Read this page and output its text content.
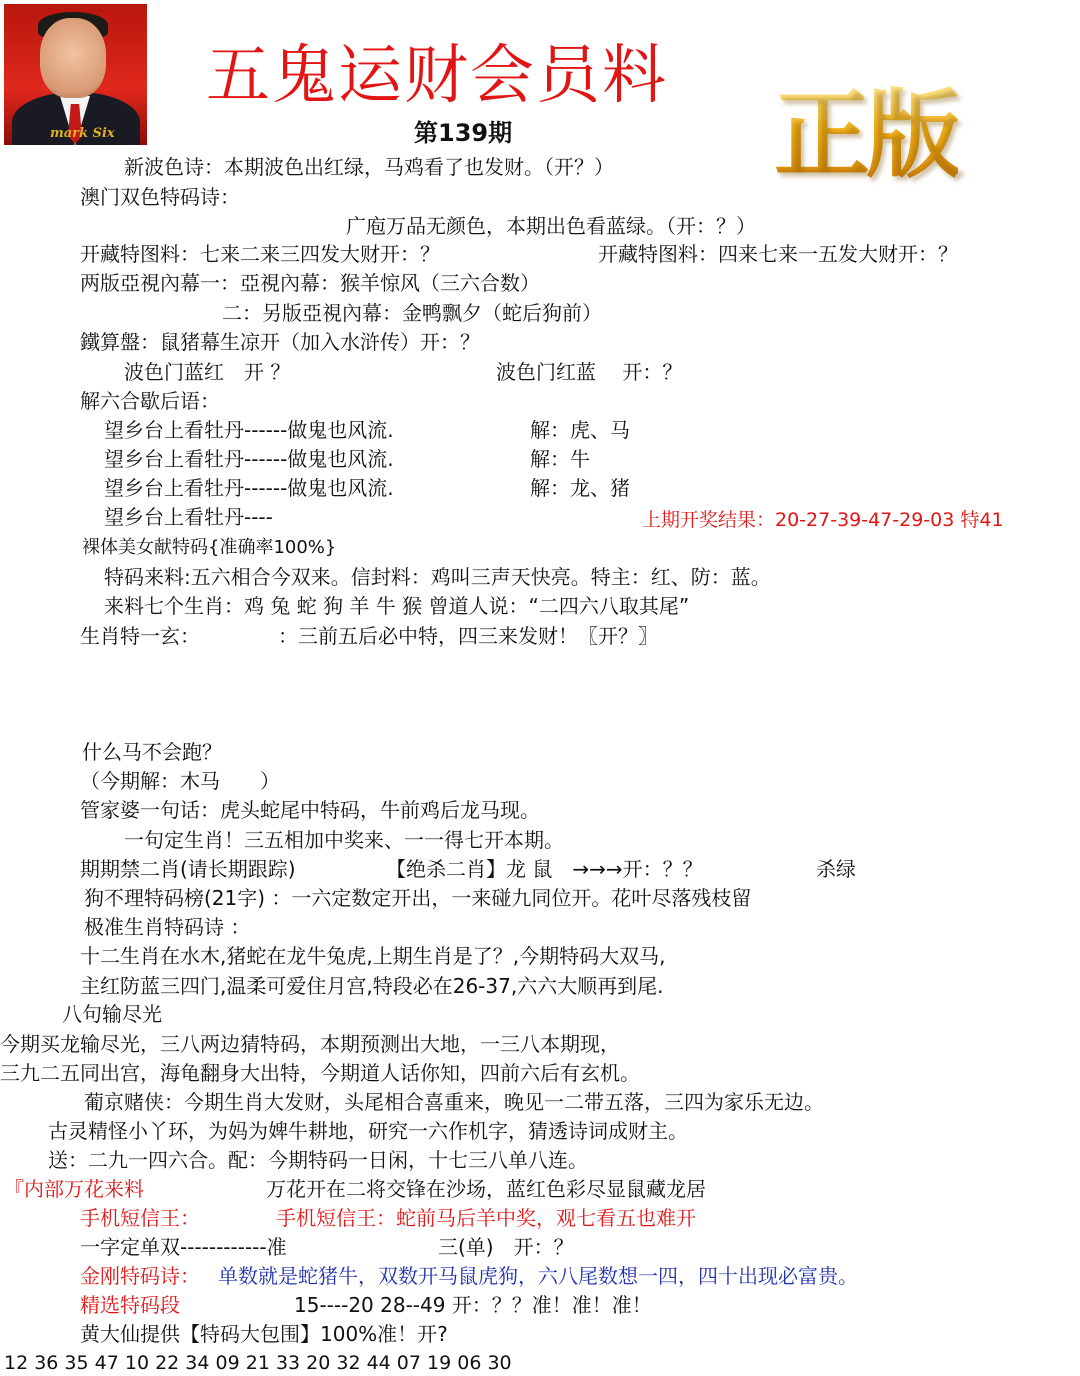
mark Six
五鬼运财会员料
第139期	正版
新波色诗：本期波色出红绿，马鸡看了也发财。（开？）
澳门双色特码诗：
广庖万品无颜色，本期出色看蓝绿。（开：？）
开藏特图料：七来二来三四发大财开：？	开藏特图料：四来七来一五发大财开：？
两版亞視內幕一：亞視內幕：猴羊惊风（三六合数）
二：另版亞視內幕：金鸭飘夕（蛇后狗前）
鐵算盤：鼠猪幕生凉开（加入水浒传）开：？
波色门蓝红　开 ？	波色门红蓝　 开：？
解六合歇后语：
望乡台上看牡丹------做鬼也风流.	解：虎、马
望乡台上看牡丹------做鬼也风流.	解：牛
望乡台上看牡丹------做鬼也风流.	解：龙、猪
望乡台上看牡丹----	上期开奖结果：20-27-39-47-29-03 特41
裸体美女献特码{准确率100%}
特码来料:五六相合今双来。信封料：鸡叫三声天快亮。特主：红、防：蓝。
来料七个生肖：鸡 兔 蛇 狗 羊 牛 猴 曾道人说：“二四六八取其尾”
生肖特一玄：	：三前五后必中特，四三来发财！〖开？〗
什么马不会跑？
（今期解：木马　　）
管家婆一句话：虎头蛇尾中特码，牛前鸡后龙马现。
一句定生肖！三五相加中奖来、一一得七开本期。
期期禁二肖(请长期跟踪)	【绝杀二肖】龙 鼠　→→→开：？？	杀绿
狗不理特码榜(21字) ：一六定数定开出，一来碰九同位开。花叶尽落残枝留
极准生肖特码诗 ：
十二生肖在水木,猪蛇在龙牛兔虎,上期生肖是了？,今期特码大双马,
主红防蓝三四门,温柔可爱住月宫,特段必在26-37,六六大顺再到尾.
八句输尽光
今期买龙输尽光，三八两边猜特码，本期预测出大地，一三八本期现，
三九二五同出宫，海龟翻身大出特，今期道人话你知，四前六后有玄机。
葡京赌侠：今期生肖大发财，头尾相合喜重来，晚见一二带五落，三四为家乐无边。
古灵精怪小丫环，为妈为婢牛耕地，研究一六作机字，猜透诗词成财主。
送：二九一四六合。配：今期特码一日闲，十七三八单八连。
『内部万花来料	万花开在二将交锋在沙场，蓝红色彩尽显鼠藏龙居
手机短信王：	手机短信王：蛇前马后羊中奖，观七看五也难开
一字定单双------------准	三(单)　开：？
金刚特码诗： 单数就是蛇猪牛，双数开马鼠虎狗，六八尾数想一四，四十出现必富贵。
精选特码段	15----20 28--49 开：？？准！准！准！
黄大仙提供【特码大包围】100%准！开?
12 36 35 47 10 22 34 09 21 33 20 32 44 07 19 06 30
